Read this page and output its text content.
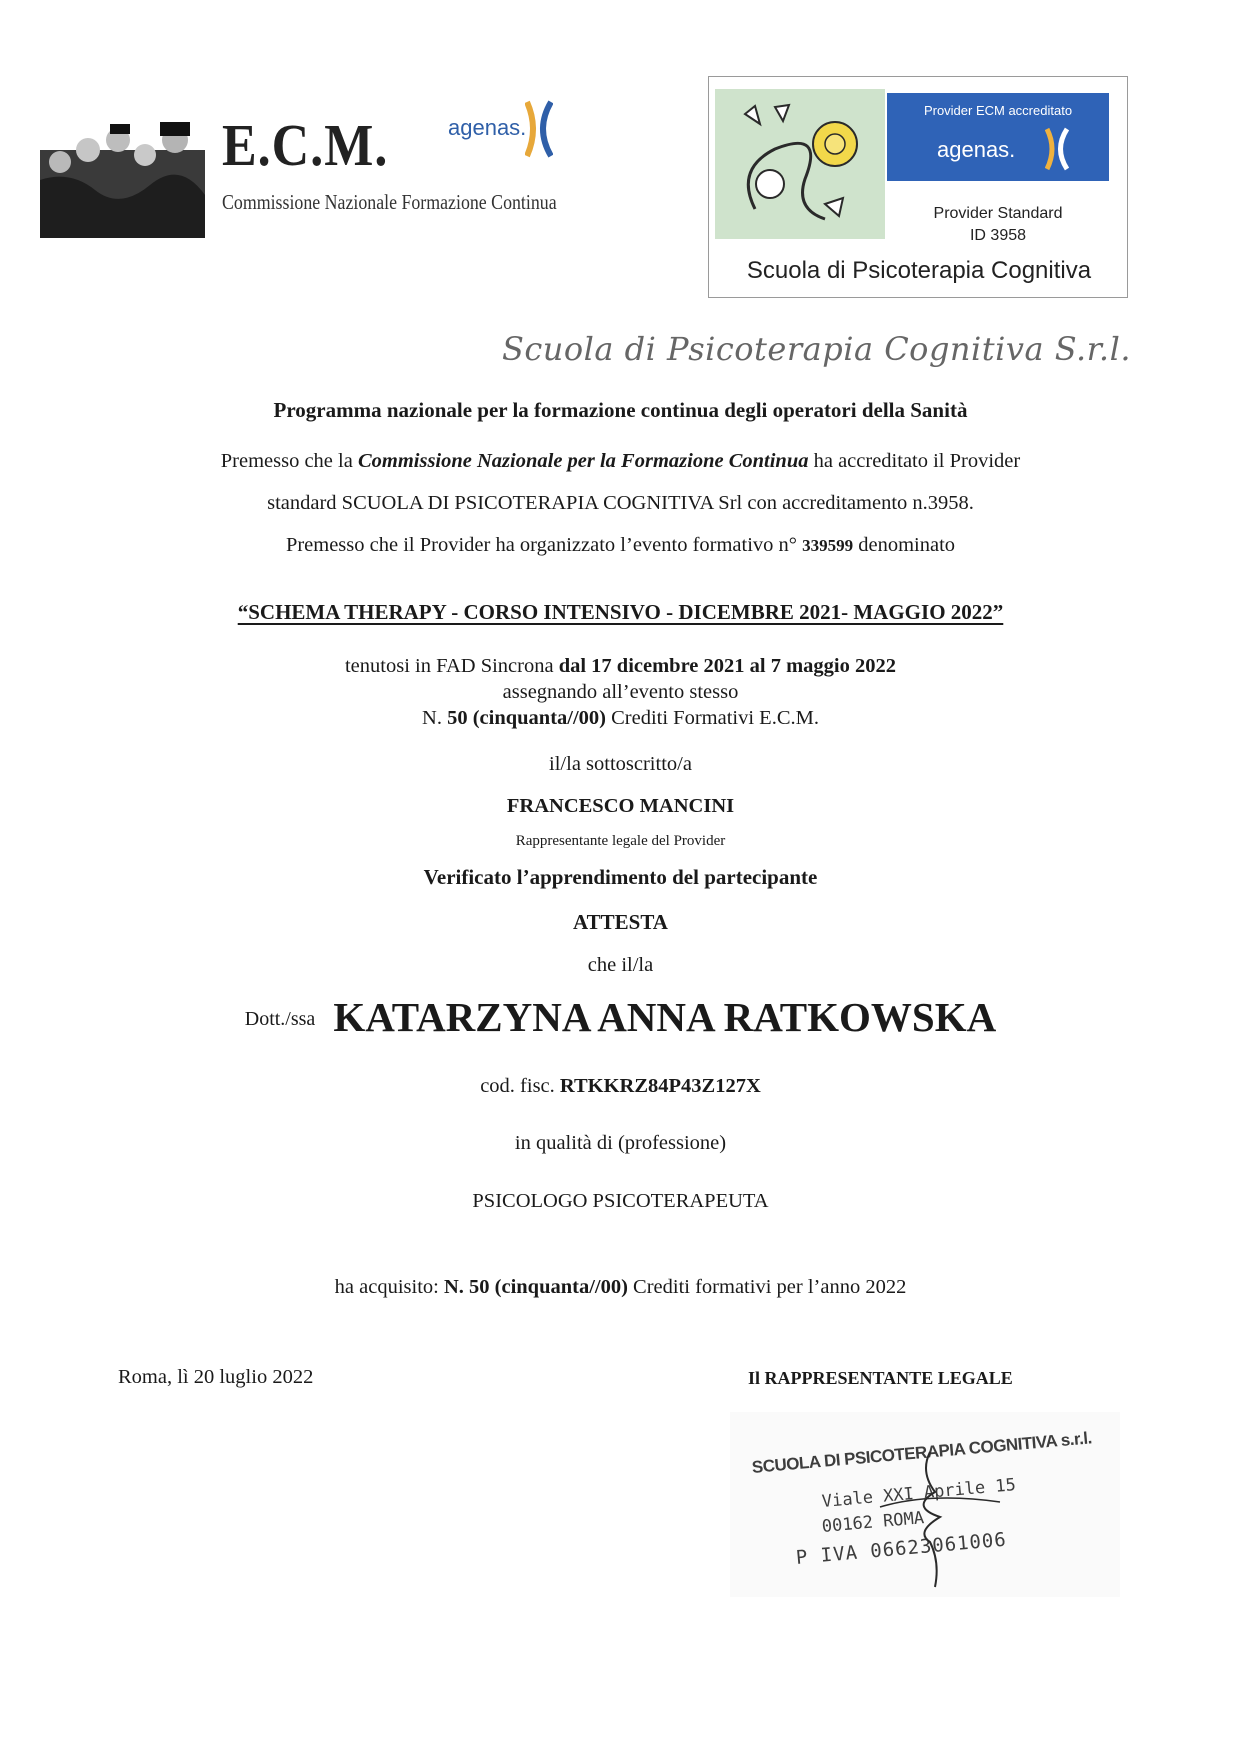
E.C.M.
Commissione Nazionale Formazione Continua
agenas.
Provider ECM accreditato
agenas.
Provider Standard
ID 3958
Scuola di Psicoterapia Cognitiva
Scuola di Psicoterapia Cognitiva S.r.l.
Programma nazionale per la formazione continua degli operatori della Sanità
Premesso che la Commissione Nazionale per la Formazione Continua ha accreditato il Provider
standard SCUOLA DI PSICOTERAPIA COGNITIVA Srl con accreditamento n.3958.
Premesso che il Provider ha organizzato l’evento formativo n° 339599 denominato
“SCHEMA THERAPY - CORSO INTENSIVO - DICEMBRE 2021- MAGGIO 2022”
tenutosi in FAD Sincrona dal 17 dicembre 2021 al 7 maggio 2022
assegnando all’evento stesso
N. 50 (cinquanta//00) Crediti Formativi E.C.M.
il/la sottoscritto/a
FRANCESCO MANCINI
Rappresentante legale del Provider
Verificato l’apprendimento del partecipante
ATTESTA
che il/la
Dott./ssa KATARZYNA ANNA RATKOWSKA
cod. fisc. RTKKRZ84P43Z127X
in qualità di (professione)
PSICOLOGO PSICOTERAPEUTA
ha acquisito: N. 50 (cinquanta//00) Crediti formativi per l’anno 2022
Roma, lì 20 luglio 2022	Il RAPPRESENTANTE LEGALE
SCUOLA DI PSICOTERAPIA COGNITIVA s.r.l.
Viale XXI Aprile 15
00162 ROMA
P IVA 06623061006
